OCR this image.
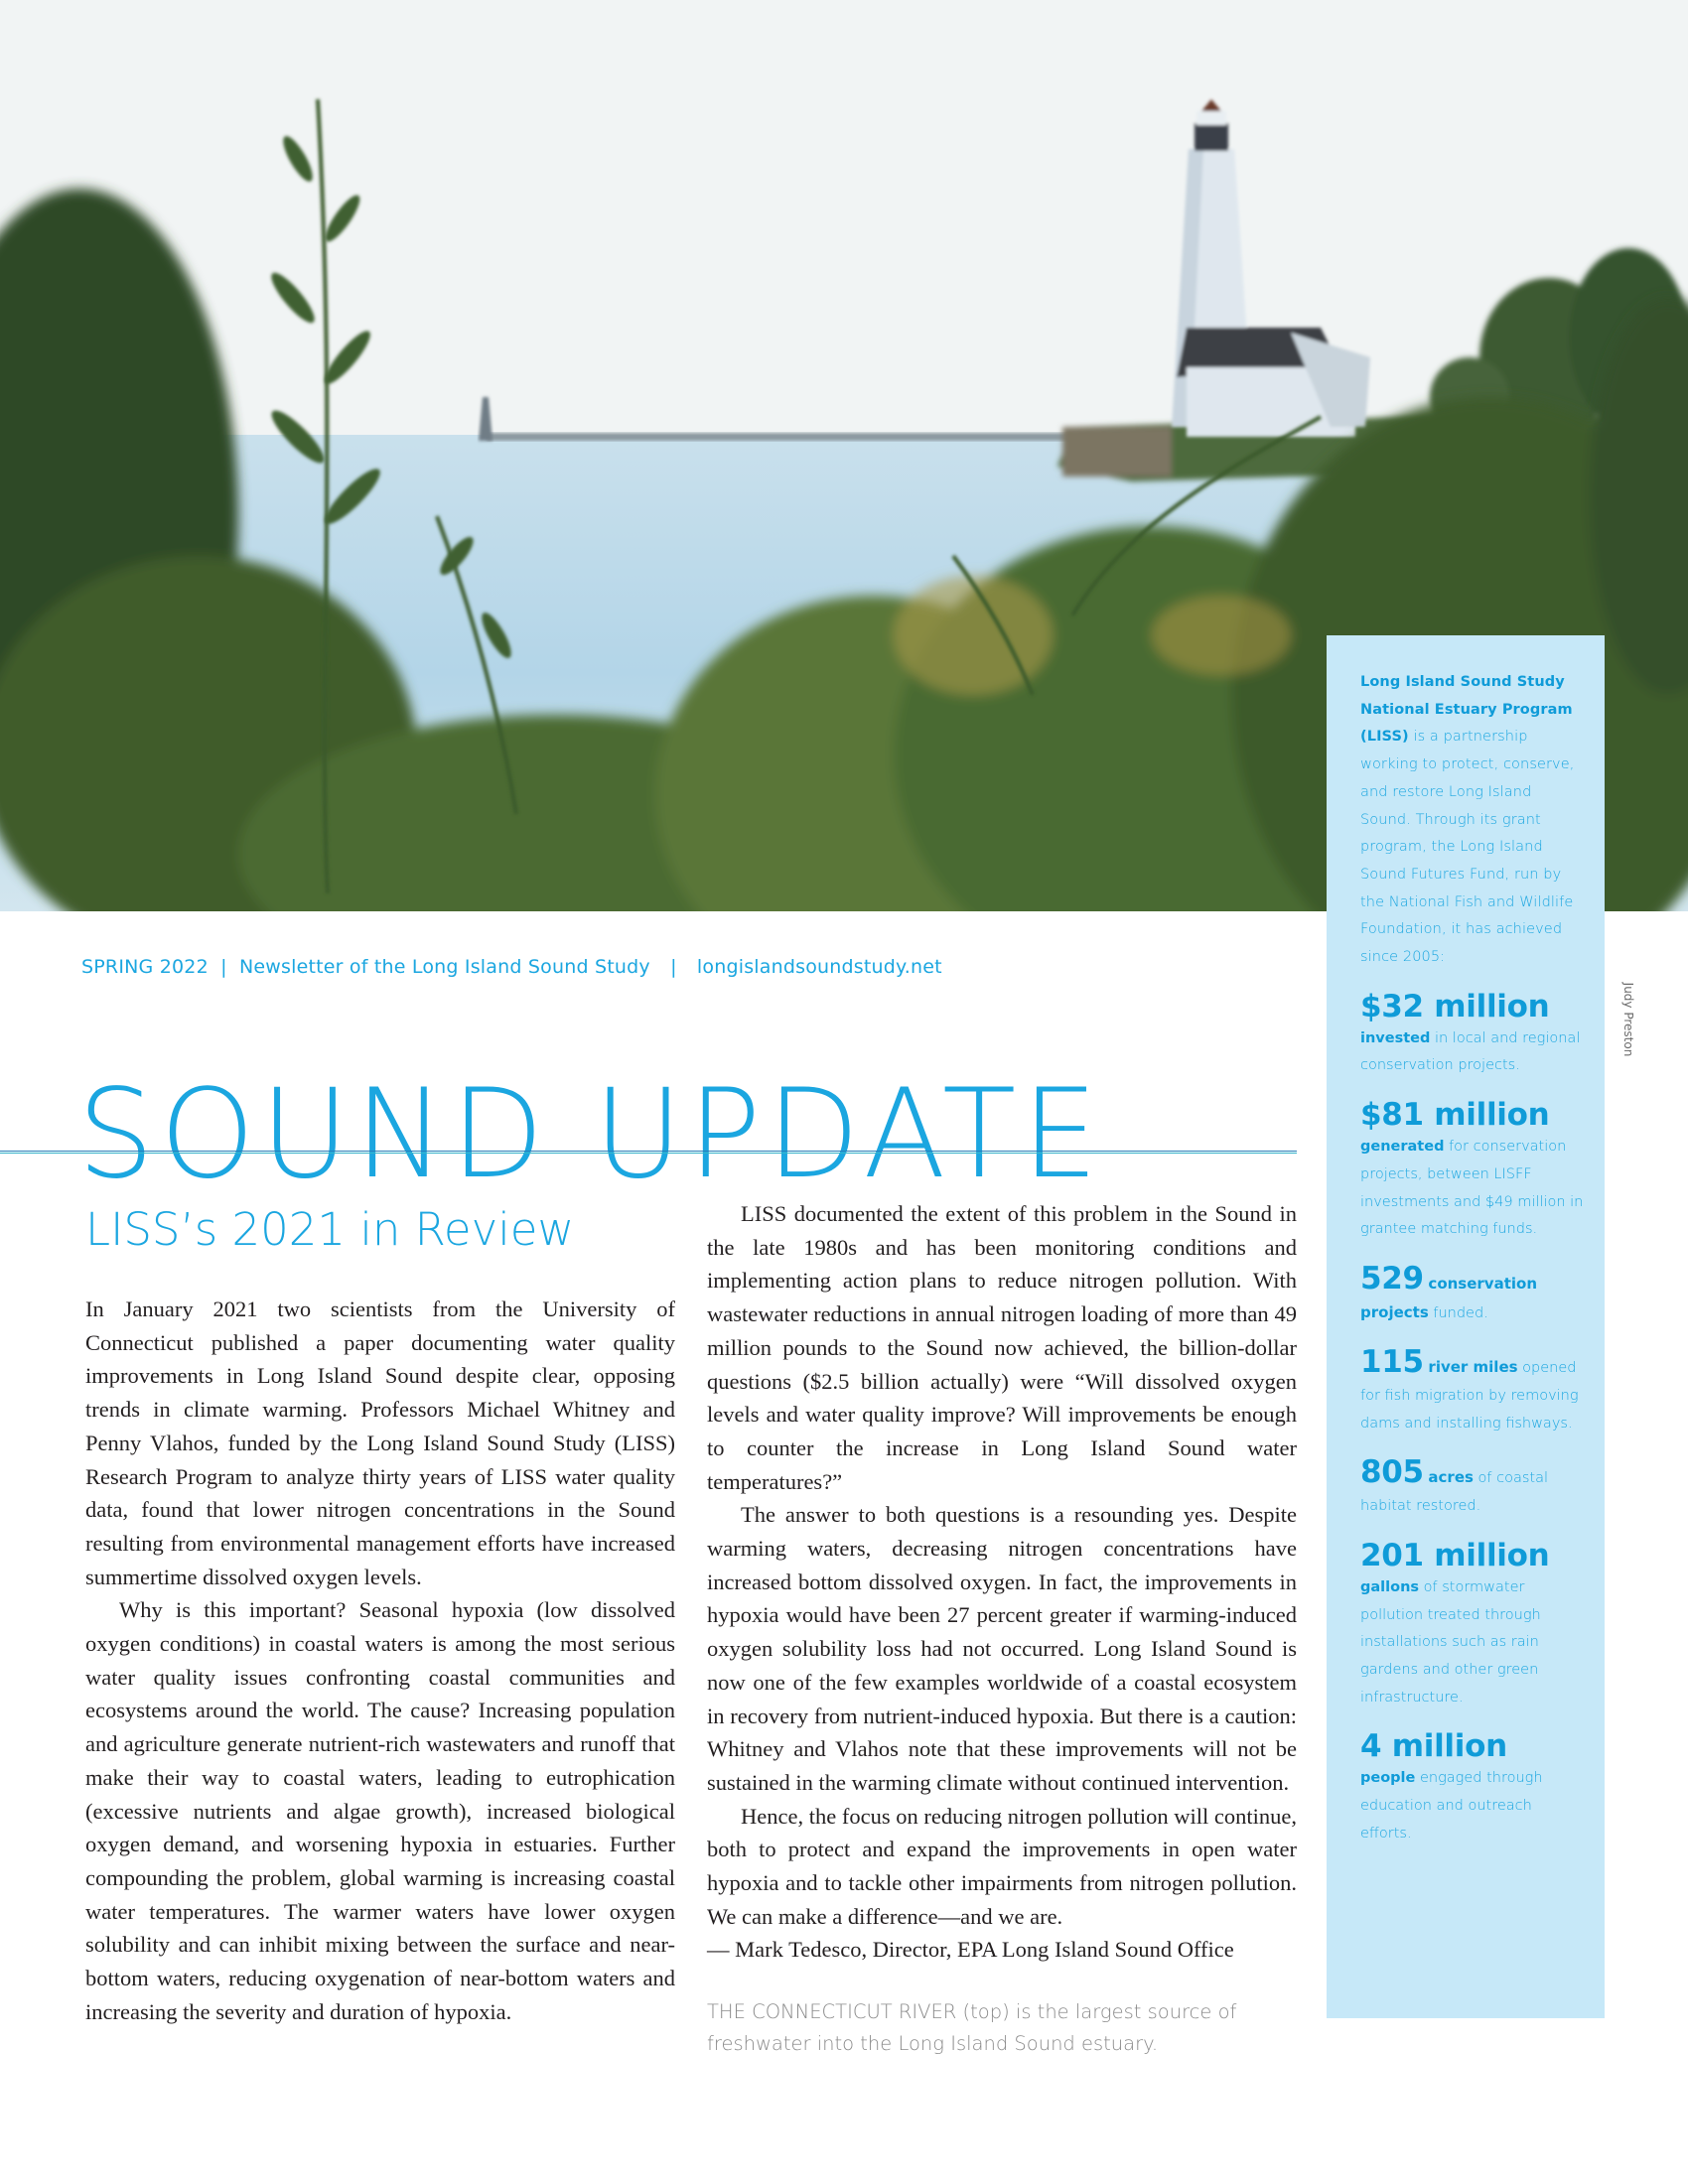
Long Island Sound Study National Estuary Program (LISS) is a partnership working to protect, conserve, and restore Long Island Sound. Through its grant program, the Long Island Sound Futures Fund, run by the National Fish and Wildlife Foundation, it has achieved since 2005:

$32 million
invested in local and regional conservation projects.
$81 million
generated for conservation projects, between LISFF investments and $49 million in grantee matching funds.
529 conservation projects funded.
115 river miles opened for fish migration by removing dams and installing fishways.
805 acres of coastal habitat restored.
201 million
gallons of stormwater pollution treated through installations such as rain gardens and other green infrastructure.
4 million
people engaged through education and outreach efforts.
Judy Preston
SPRING 2022 | Newsletter of the Long Island Sound Study | longislandsoundstudy.net
SOUND UPDATE
LISS’s 2021 in Review

In January 2021 two scientists from the University of Connecticut published a paper documenting water quality improvements in Long Island Sound despite clear, opposing trends in climate warming. Professors Michael Whitney and Penny Vlahos, funded by the Long Island Sound Study (LISS) Research Program to analyze thirty years of LISS water quality data, found that lower nitrogen concentrations in the Sound resulting from environmental management efforts have increased summertime dissolved oxygen levels.

Why is this important? Seasonal hypoxia (low dissolved oxygen conditions) in coastal waters is among the most serious water quality issues confronting coastal communities and ecosystems around the world. The cause? Increasing population and agriculture generate nutrient-rich wastewaters and runoff that make their way to coastal waters, leading to eutrophication (excessive nutrients and algae growth), increased biological oxygen demand, and worsening hypoxia in estuaries. Further compounding the problem, global warming is increasing coastal water temperatures. The warmer waters have lower oxygen solubility and can inhibit mixing between the surface and near-bottom waters, reducing oxygenation of near-bottom waters and increasing the severity and duration of hypoxia.

LISS documented the extent of this problem in the Sound in the late 1980s and has been monitoring conditions and implementing action plans to reduce nitrogen pollution. With wastewater reductions in annual nitrogen loading of more than 49 million pounds to the Sound now achieved, the billion-dollar questions ($2.5 billion actually) were “Will dissolved oxygen levels and water quality improve? Will improvements be enough to counter the increase in Long Island Sound water temperatures?”

The answer to both questions is a resounding yes. Despite warming waters, decreasing nitrogen concentrations have increased bottom dissolved oxygen. In fact, the improvements in hypoxia would have been 27 percent greater if warming-induced oxygen solubility loss had not occurred. Long Island Sound is now one of the few examples worldwide of a coastal ecosystem in recovery from nutrient-induced hypoxia. But there is a caution: Whitney and Vlahos note that these improvements will not be sustained in the warming climate without continued intervention.

Hence, the focus on reducing nitrogen pollution will continue, both to protect and expand the improvements in open water hypoxia and to tackle other impairments from nitrogen pollution. We can make a difference—and we are.

— Mark Tedesco, Director, EPA Long Island Sound Office

THE CONNECTICUT RIVER (top) is the largest source of freshwater into the Long Island Sound estuary.
